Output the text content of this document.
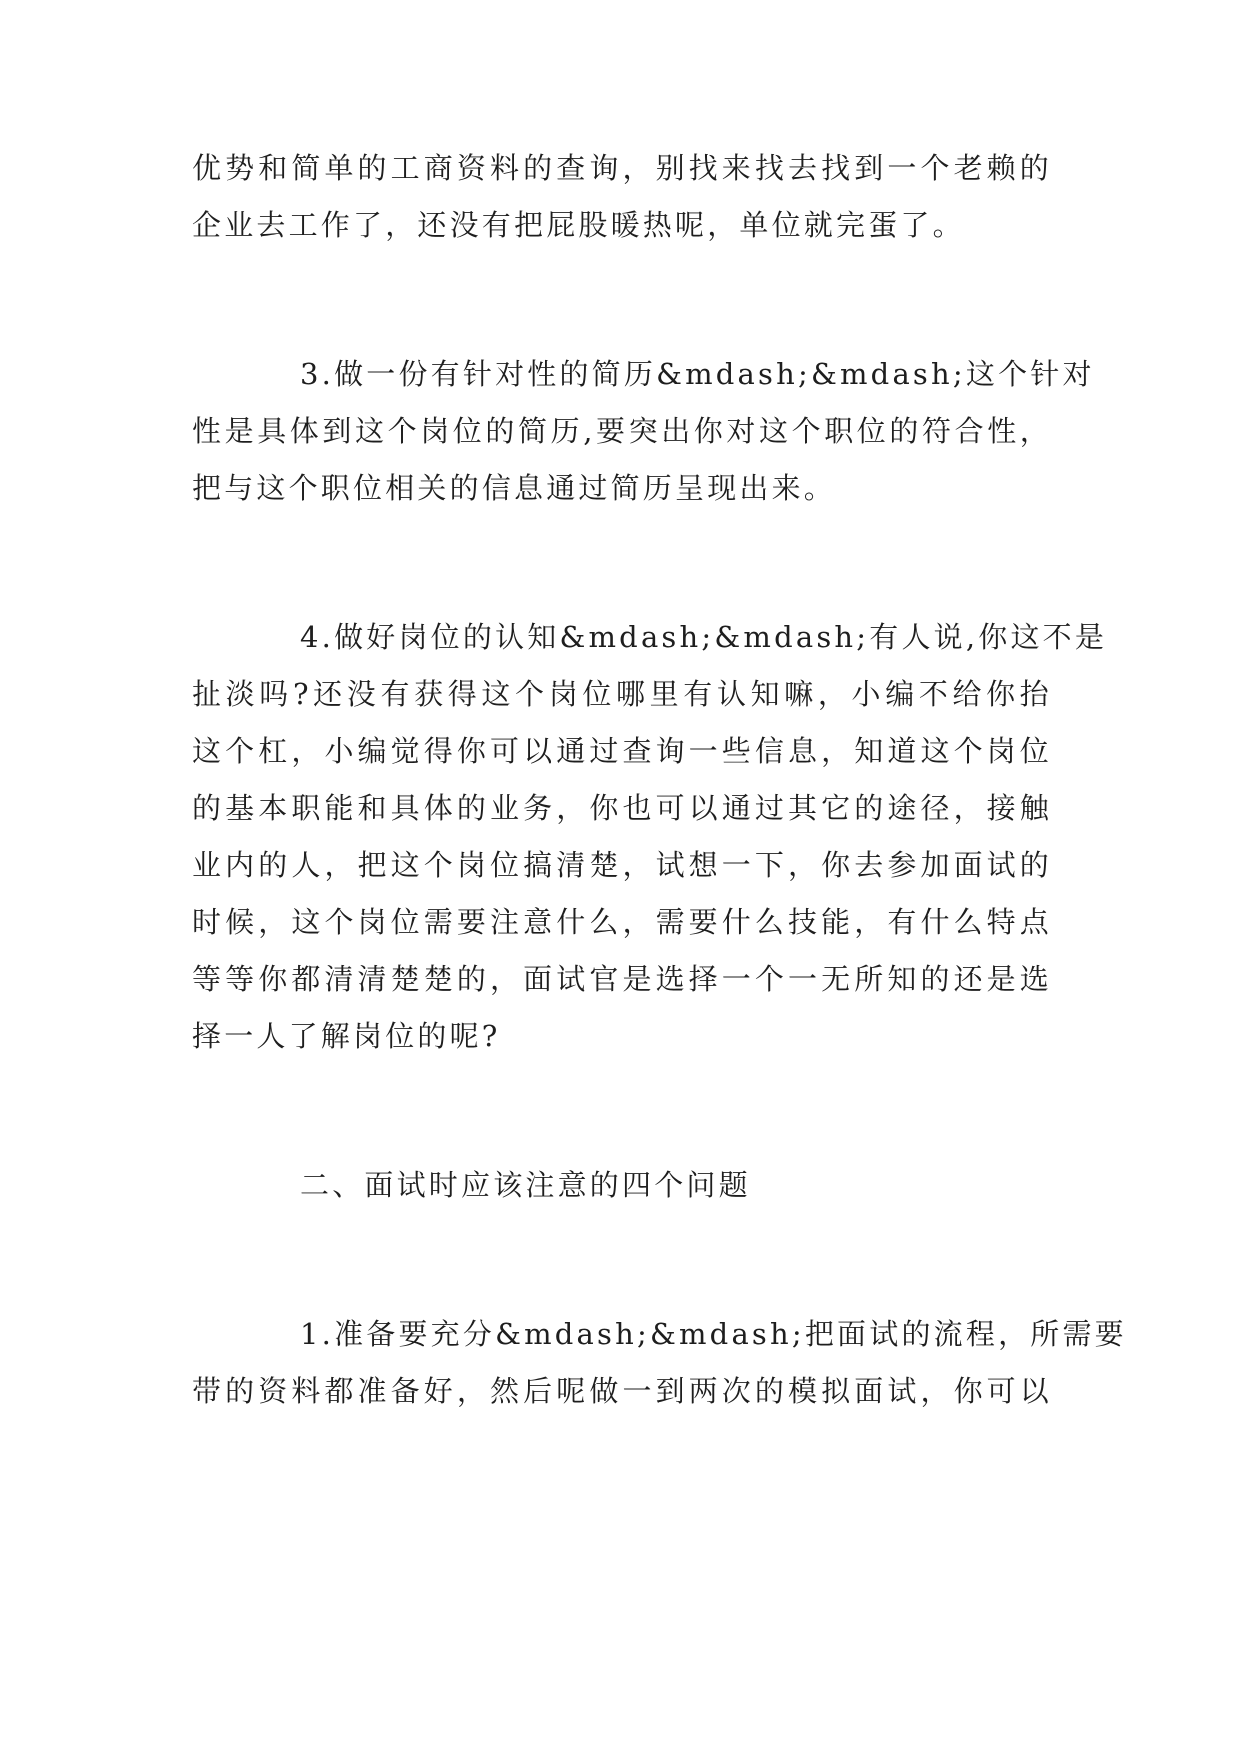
优势和简单的工商资料的查询，别找来找去找到一个老赖的
企业去工作了，还没有把屁股暖热呢，单位就完蛋了。
3.做一份有针对性的简历&mdash;&mdash;这个针对
性是具体到这个岗位的简历,要突出你对这个职位的符合性，
把与这个职位相关的信息通过简历呈现出来。
4.做好岗位的认知&mdash;&mdash;有人说,你这不是
扯淡吗?还没有获得这个岗位哪里有认知嘛，小编不给你抬
这个杠，小编觉得你可以通过查询一些信息，知道这个岗位
的基本职能和具体的业务，你也可以通过其它的途径，接触
业内的人，把这个岗位搞清楚，试想一下，你去参加面试的
时候，这个岗位需要注意什么，需要什么技能，有什么特点
等等你都清清楚楚的，面试官是选择一个一无所知的还是选
择一人了解岗位的呢?
二、面试时应该注意的四个问题
1.准备要充分&mdash;&mdash;把面试的流程，所需要
带的资料都准备好，然后呢做一到两次的模拟面试，你可以
